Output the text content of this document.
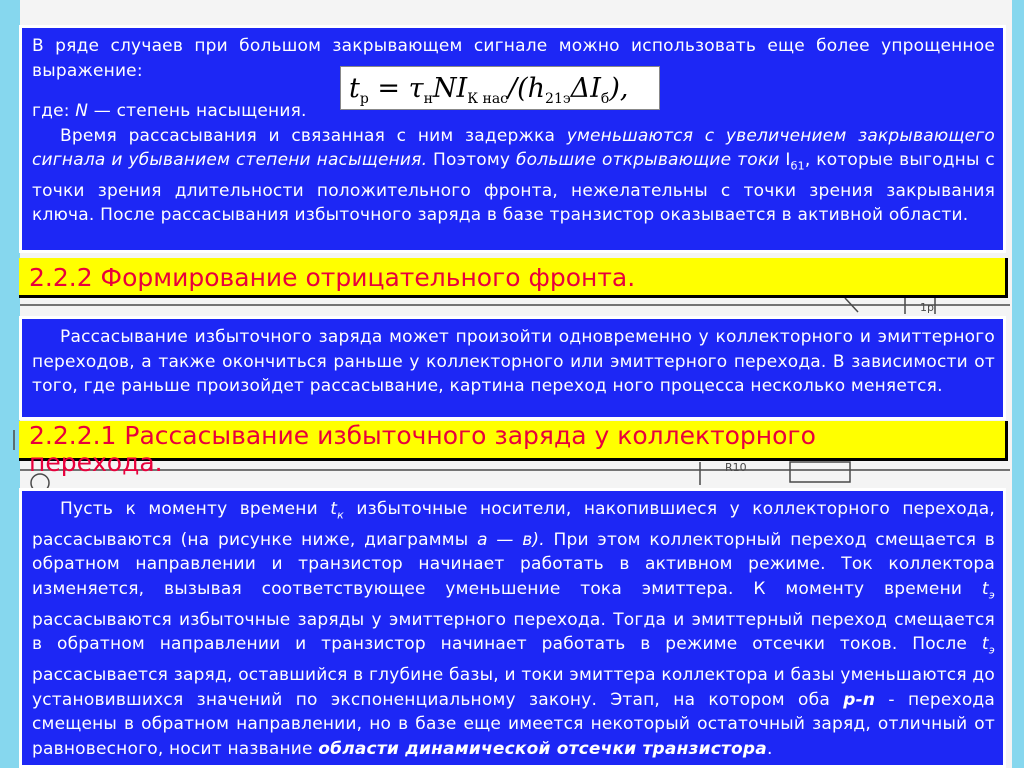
R10
1р

В ряде случаев при большом закрывающем сигнале можно использовать еще более упрощенное выражение:

где: N — степень насыщения.

Время рассасывания и связанная с ним задержка уменьшаются с увеличением закрывающего сигнала и убыванием степени насыщения. Поэтому большие открывающие токи $I_{б1}$, которые выгодны с точки зрения длительности положительного фронта, нежелательны с точки зрения закрывания ключа. После рассасывания избыточного заряда в базе транзистор оказывается в активной области.

$t_p = \tau_нNI_{К нас}/(h_{21э}\Delta I_б)$,
2.2.2 Формирование отрицательного фронта.

Рассасывание избыточного заряда может произойти одновременно у коллекторного и эмиттерного переходов, а также окончиться раньше у коллекторного или эмиттерного перехода. В зависимости от того, где раньше произойдет рассасывание, картина переход ного процесса несколько меняется.

2.2.2.1 Рассасывание избыточного заряда у коллекторного
перехода.

Пусть к моменту времени $t_к$ избыточные носители, накопившиеся у коллекторного перехода, рассасываются (на рисунке ниже, диаграммы а — в). При этом коллекторный переход смещается в обратном направлении и транзистор начинает работать в активном режиме. Ток коллектора изменяется, вызывая соответствующее уменьшение тока эмиттера. К моменту времени $t_э$ рассасываются избыточные заряды у эмиттерного перехода. Тогда и эмиттерный переход смещается в обратном направлении и транзистор начинает работать в режиме отсечки токов. После $t_э$ рассасывается заряд, оставшийся в глубине базы, и токи эмиттера коллектора и базы уменьшаются до установившихся значений по экспоненциальному закону. Этап, на котором оба p-n - перехода смещены в обратном направлении, но в базе еще имеется некоторый остаточный заряд, отличный от равновесного, носит название области динамической отсечки транзистора.
